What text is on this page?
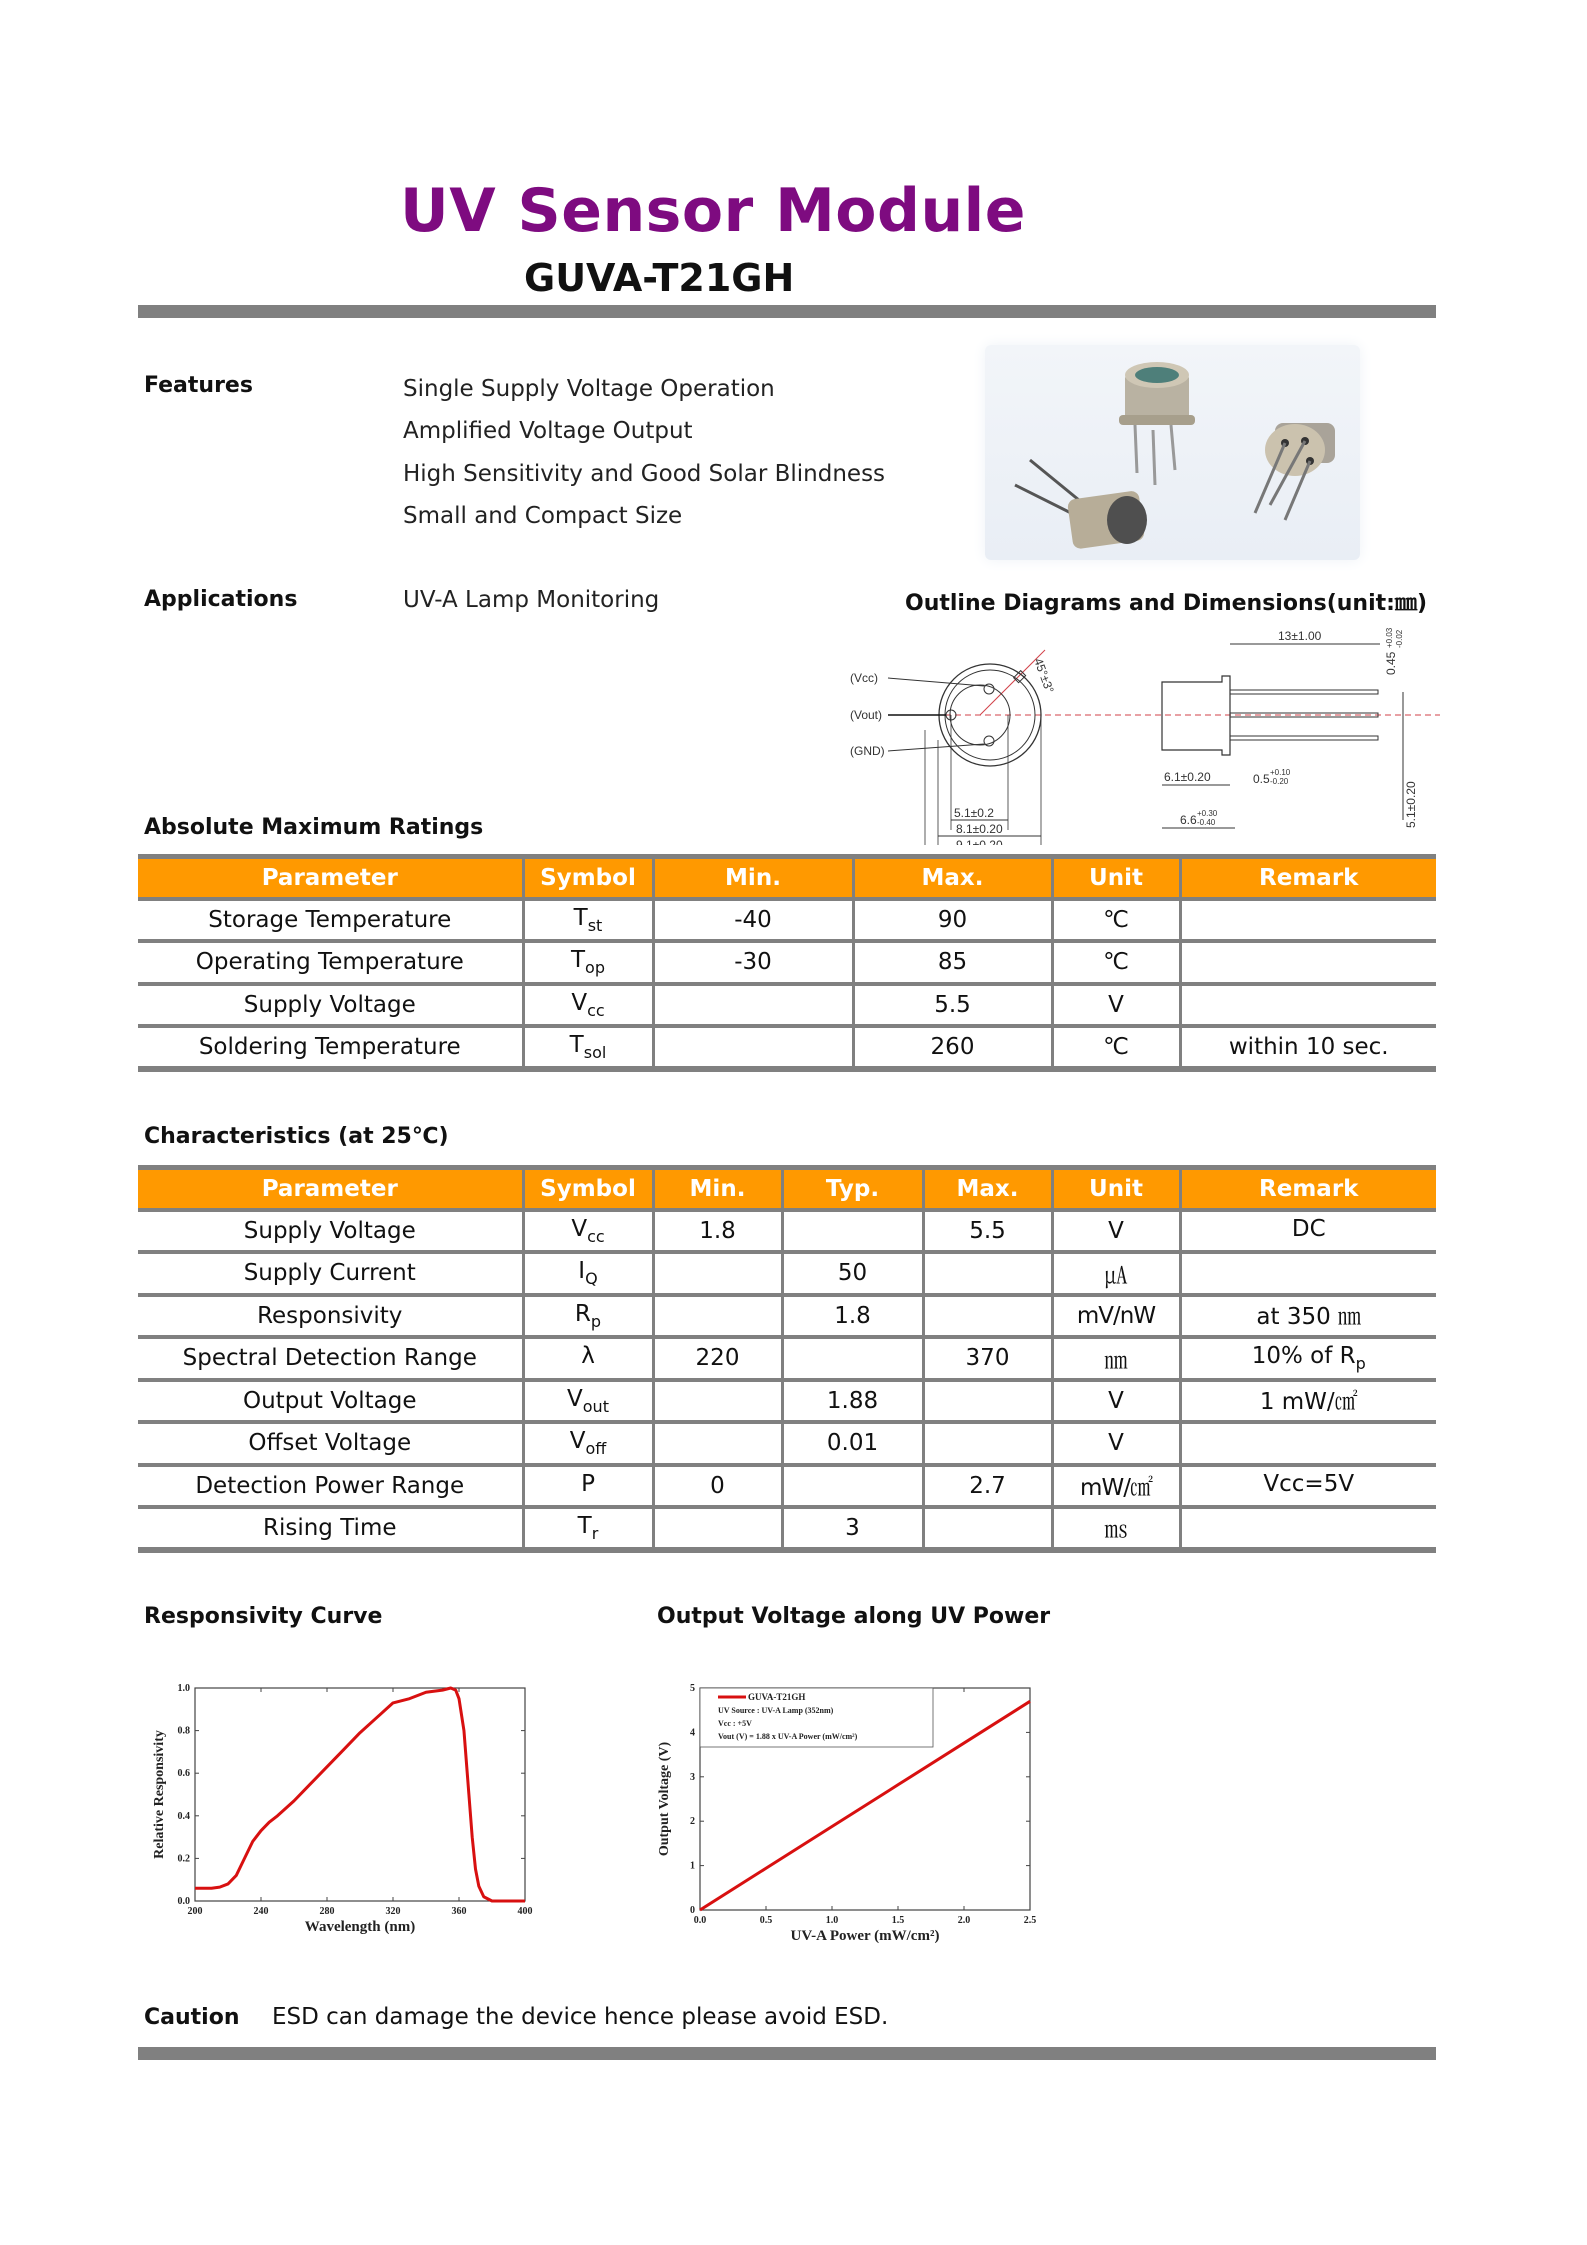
UV Sensor Module
GUVA-T21GH
Features	Single Supply Voltage Operation
Amplified Voltage Output
High Sensitivity and Good Solar Blindness
Small and Compact Size
Applications	UV-A Lamp Monitoring	Outline Diagrams and Dimensions(unit:㎜)
(Vcc)
(Vout)
(GND)
45°±3°
5.1±0.2
8.1±0.20
9.1±0.20
13±1.00
6.1±0.20	0.5 +0.10
-0.20
6.6 +0.30
-0.40	5.1±0.20
0.45
+0.03 -0.02
Absolute Maximum Ratings
Parameter	Symbol	Min.	Max.	Unit	Remark
Storage Temperature	$T_{st}$	-40	90	℃	
Operating Temperature	$T_{op}$	-30	85	℃	
Supply Voltage	$V_{cc}$		5.5	V	
Soldering Temperature	$T_{sol}$		260	℃	within 10 sec.
Characteristics (at 25℃)
Parameter	Symbol	Min.	Typ.	Max.	Unit	Remark
Supply Voltage	$V_{cc}$	1.8		5.5	V	DC
Supply Current	$I_Q$		50		㎂	
Responsivity	$R_p$		1.8		mV/nW	at 350 ㎚
Spectral Detection Range	λ	220		370	㎚	10% of $R_p$
Output Voltage	$V_{out}$		1.88		V	1 mW/㎠
Offset Voltage	$V_{off}$		0.01		V	
Detection Power Range	P	0		2.7	mW/㎠	Vcc=5V
Rising Time	$T_r$		3		㎳	
Responsivity Curve	Output Voltage along UV Power
200	240	280	320	360	400
0.0
0.2
0.4
0.6
0.8
1.0
Wavelength (nm)
Relative Responsivity
0.0	0.5	1.0	1.5	2.0	2.5
0
1
2
3
4
5
UV-A Power (mW/cm²)
Output Voltage (V)
GUVA-T21GH
UV Source : UV-A Lamp (352nm)
Vcc : +5V
Vout (V) = 1.88 x UV-A Power (mW/cm²)
Caution ESD can damage the device hence please avoid ESD.
